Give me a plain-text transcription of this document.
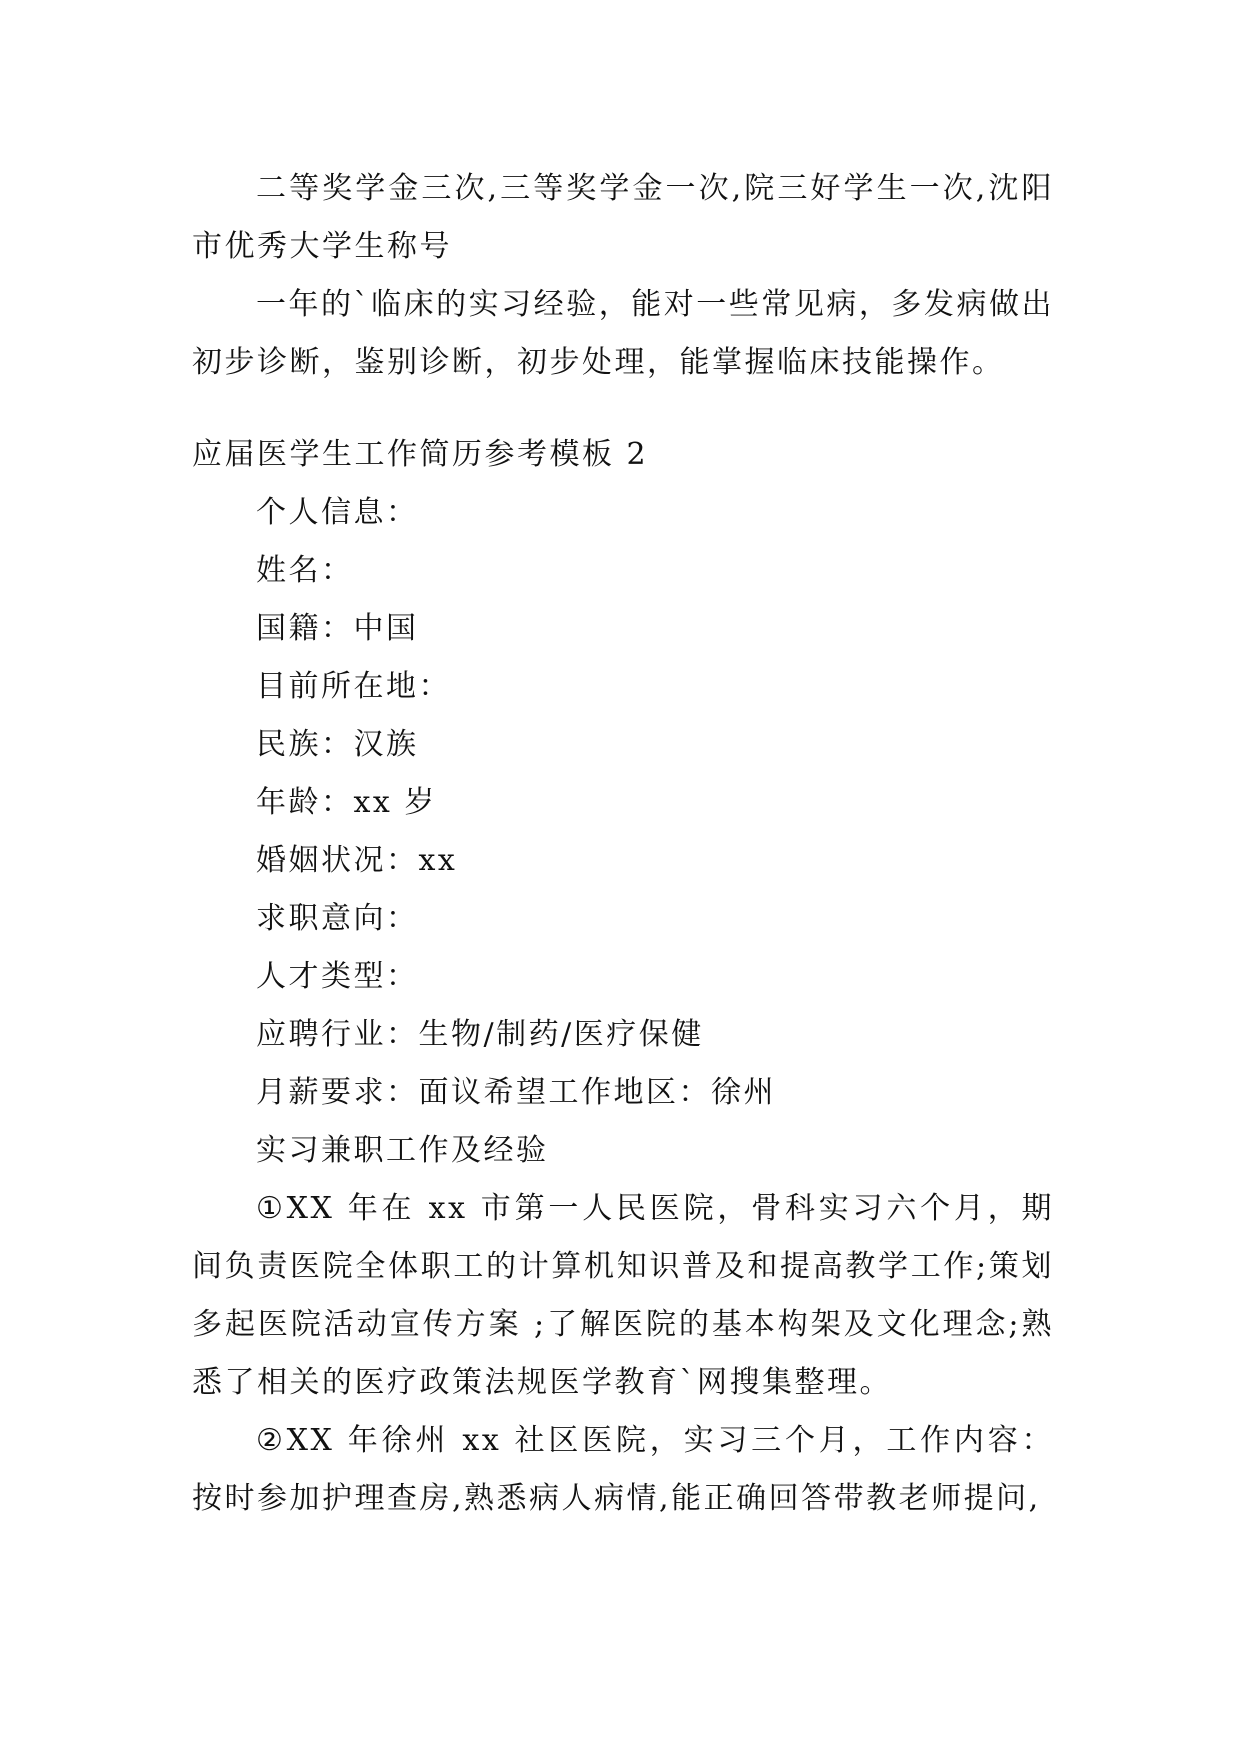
二等奖学金三次,三等奖学金一次,院三好学生一次,沈阳市优秀大学生称号

一年的`临床的实习经验，能对一些常见病，多发病做出初步诊断，鉴别诊断，初步处理，能掌握临床技能操作。

应届医学生工作简历参考模板 2

个人信息：

姓名：

国籍：中国

目前所在地：

民族：汉族

年龄：xx 岁

婚姻状况：xx

求职意向：

人才类型：

应聘行业：生物/制药/医疗保健

月薪要求：面议希望工作地区：徐州

实习兼职工作及经验

①XX 年在 xx 市第一人民医院，骨科实习六个月，期间负责医院全体职工的计算机知识普及和提高教学工作;策划多起医院活动宣传方案 ;了解医院的基本构架及文化理念;熟悉了相关的医疗政策法规医学教育`网搜集整理。

②XX 年徐州 xx 社区医院，实习三个月，工作内容：按时参加护理查房,熟悉病人病情,能正确回答带教老师提问,
